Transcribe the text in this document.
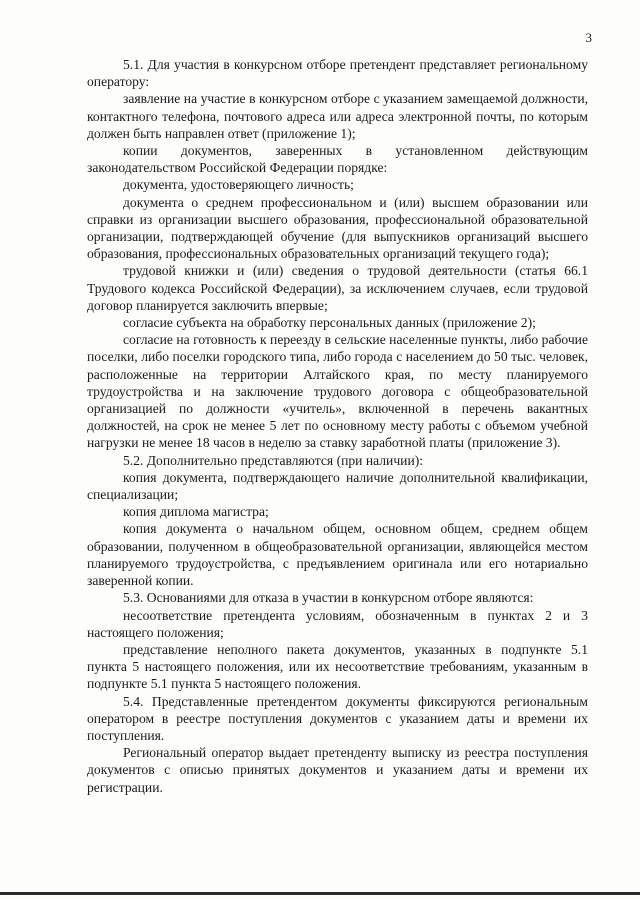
3

5.1. Для участия в конкурсном отборе претендент представляет региональному оператору:

заявление на участие в конкурсном отборе с указанием замещаемой должности, контактного телефона, почтового адреса или адреса электронной почты, по которым должен быть направлен ответ (приложение 1);

копии документов, заверенных в установленном действующим законодательством Российской Федерации порядке:

документа, удостоверяющего личность;

документа о среднем профессиональном и (или) высшем образовании или справки из организации высшего образования, профессиональной образовательной организации, подтверждающей обучение (для выпускников организаций высшего образования, профессиональных образовательных организаций текущего года);

трудовой книжки и (или) сведения о трудовой деятельности (статья 66.1 Трудового кодекса Российской Федерации), за исключением случаев, если трудовой договор планируется заключить впервые;

согласие субъекта на обработку персональных данных (приложение 2);

согласие на готовность к переезду в сельские населенные пункты, либо рабочие поселки, либо поселки городского типа, либо города с населением до 50 тыс. человек, расположенные на территории Алтайского края, по месту планируемого трудоустройства и на заключение трудового договора с общеобразовательной организацией по должности «учитель», включенной в перечень вакантных должностей, на срок не менее 5 лет по основному месту работы с объемом учебной нагрузки не менее 18 часов в неделю за ставку заработной платы (приложение 3).

5.2. Дополнительно представляются (при наличии):

копия документа, подтверждающего наличие дополнительной квалификации, специализации;

копия диплома магистра;

копия документа о начальном общем, основном общем, среднем общем образовании, полученном в общеобразовательной организации, являющейся местом планируемого трудоустройства, с предъявлением оригинала или его нотариально заверенной копии.

5.3. Основаниями для отказа в участии в конкурсном отборе являются:

несоответствие претендента условиям, обозначенным в пунктах 2 и 3 настоящего положения;

представление неполного пакета документов, указанных в подпункте 5.1 пункта 5 настоящего положения, или их несоответствие требованиям, указанным в подпункте 5.1 пункта 5 настоящего положения.

5.4. Представленные претендентом документы фиксируются региональным оператором в реестре поступления документов с указанием даты и времени их поступления.

Региональный оператор выдает претенденту выписку из реестра поступления документов с описью принятых документов и указанием даты и времени их регистрации.
